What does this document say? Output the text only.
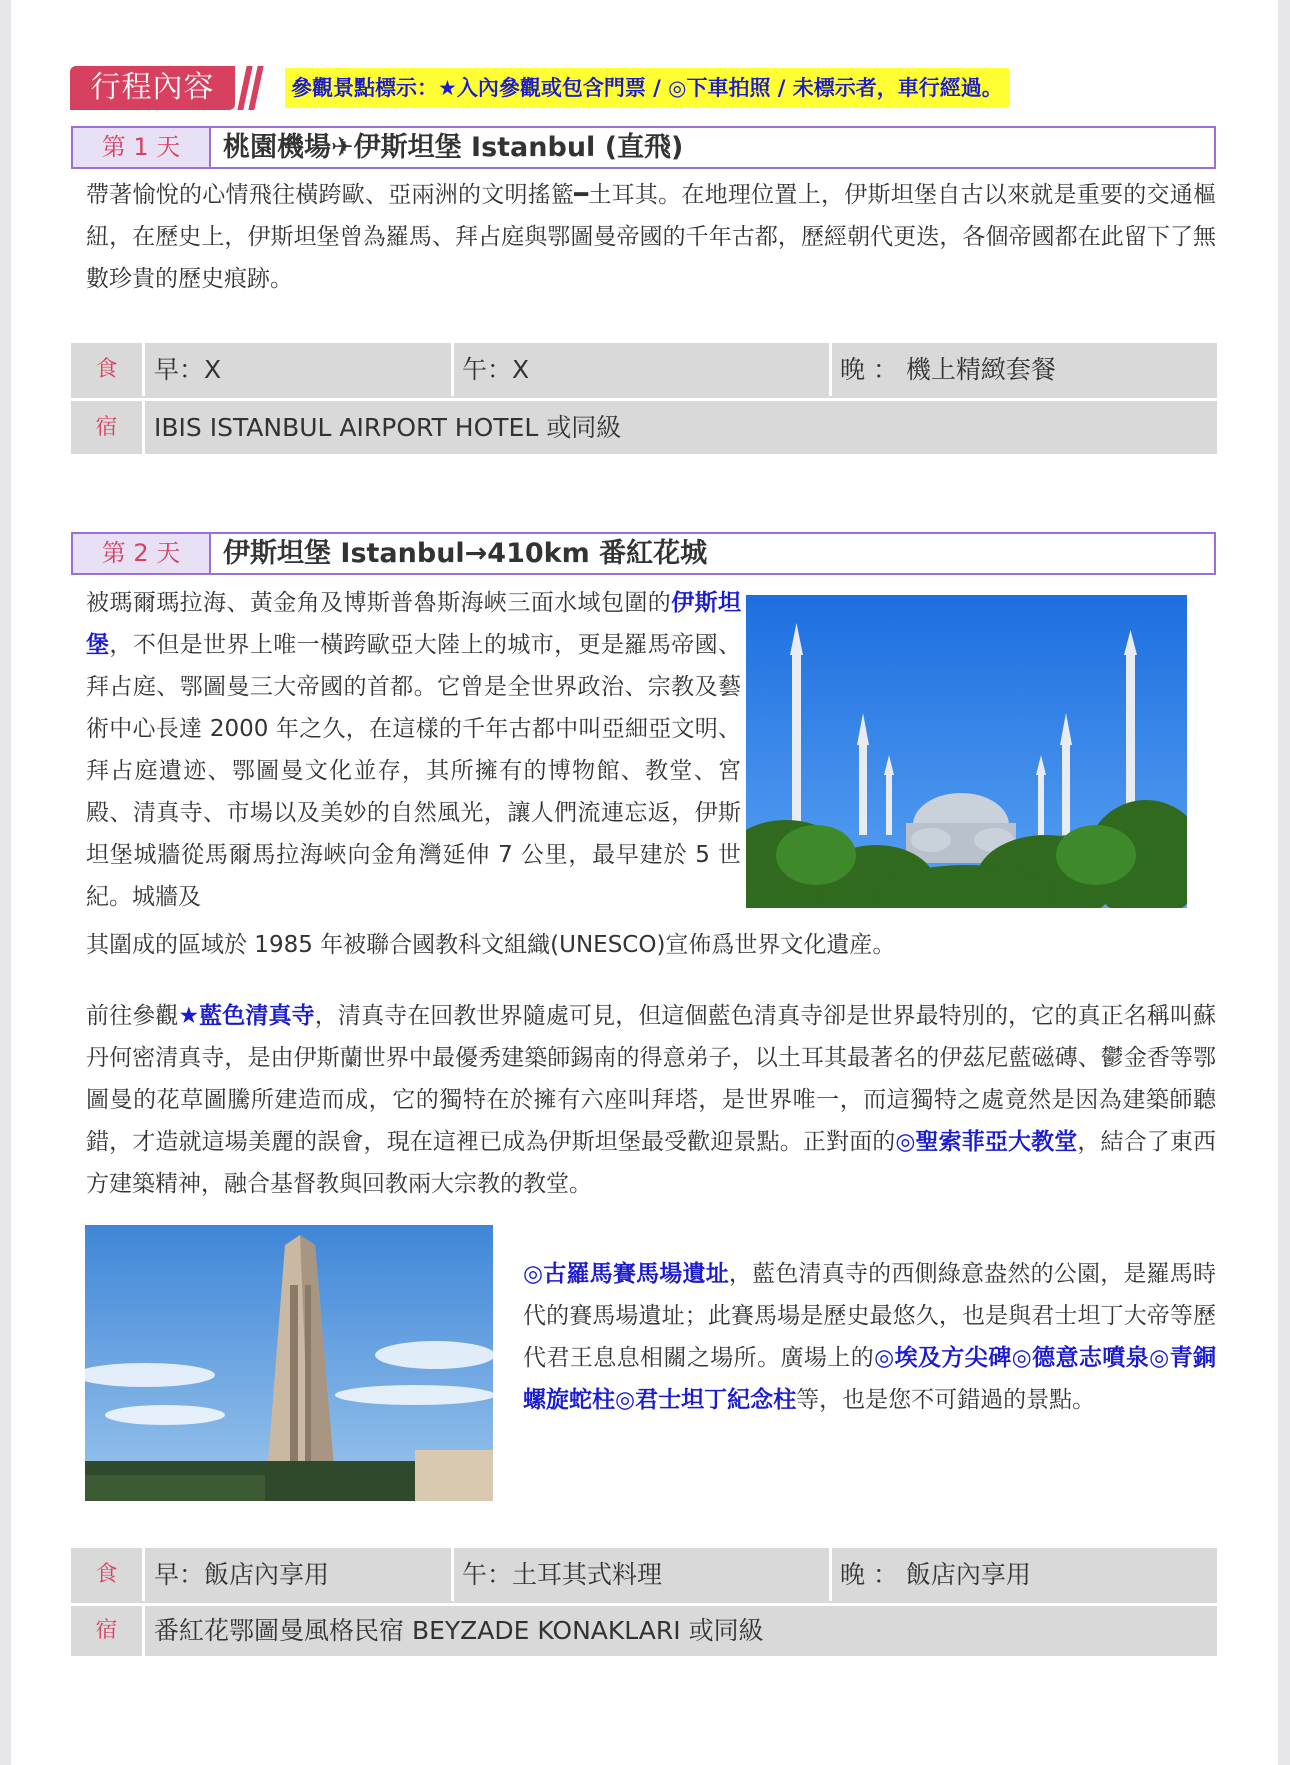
行程內容	參觀景點標示：★入內參觀或包含門票 / ◎下車拍照 / 未標示者，車行經過。
第 1 天	桃園機場✈伊斯坦堡 Istanbul (直飛)

帶著愉悅的心情飛往橫跨歐、亞兩洲的文明搖籃━土耳其。在地理位置上，伊斯坦堡自古以來就是重要的交通樞紐，在歷史上，伊斯坦堡曾為羅馬、拜占庭與鄂圖曼帝國的千年古都，歷經朝代更迭，各個帝國都在此留下了無數珍貴的歷史痕跡。

食	早：X	午：X	晚 ： 機上精緻套餐
宿	IBIS ISTANBUL AIRPORT HOTEL 或同級
第 2 天	伊斯坦堡 Istanbul→410km 番紅花城

被瑪爾瑪拉海、黃金角及博斯普魯斯海峽三面水域包圍的伊斯坦堡，不但是世界上唯一橫跨歐亞大陸上的城市，更是羅馬帝國、拜占庭、鄂圖曼三大帝國的首都。它曾是全世界政治、宗教及藝術中心長達 2000 年之久，在這樣的千年古都中叫亞細亞文明、拜占庭遺迹、鄂圖曼文化並存，其所擁有的博物館、教堂、宮殿、清真寺、市場以及美妙的自然風光，讓人們流連忘返，伊斯坦堡城牆從馬爾馬拉海峽向金角灣延伸 7 公里，最早建於 5 世紀。城牆及

其圍成的區域於 1985 年被聯合國教科文組織(UNESCO)宣佈爲世界文化遺産。

前往參觀★藍色清真寺，清真寺在回教世界隨處可見，但這個藍色清真寺卻是世界最特別的，它的真正名稱叫蘇丹何密清真寺，是由伊斯蘭世界中最優秀建築師錫南的得意弟子，以土耳其最著名的伊茲尼藍磁磚、鬱金香等鄂圖曼的花草圖騰所建造而成，它的獨特在於擁有六座叫拜塔，是世界唯一，而這獨特之處竟然是因為建築師聽錯，才造就這場美麗的誤會，現在這裡已成為伊斯坦堡最受歡迎景點。正對面的◎聖索菲亞大教堂，結合了東西方建築精神，融合基督教與回教兩大宗教的教堂。

◎古羅馬賽馬場遺址，藍色清真寺的西側綠意盎然的公園，是羅馬時代的賽馬場遺址；此賽馬場是歷史最悠久，也是與君士坦丁大帝等歷代君王息息相關之場所。廣場上的◎埃及方尖碑◎德意志噴泉◎青銅螺旋蛇柱◎君士坦丁紀念柱等，也是您不可錯過的景點。

食	早：飯店內享用	午：土耳其式料理	晚 ： 飯店內享用
宿	番紅花鄂圖曼風格民宿 BEYZADE KONAKLARI 或同級
